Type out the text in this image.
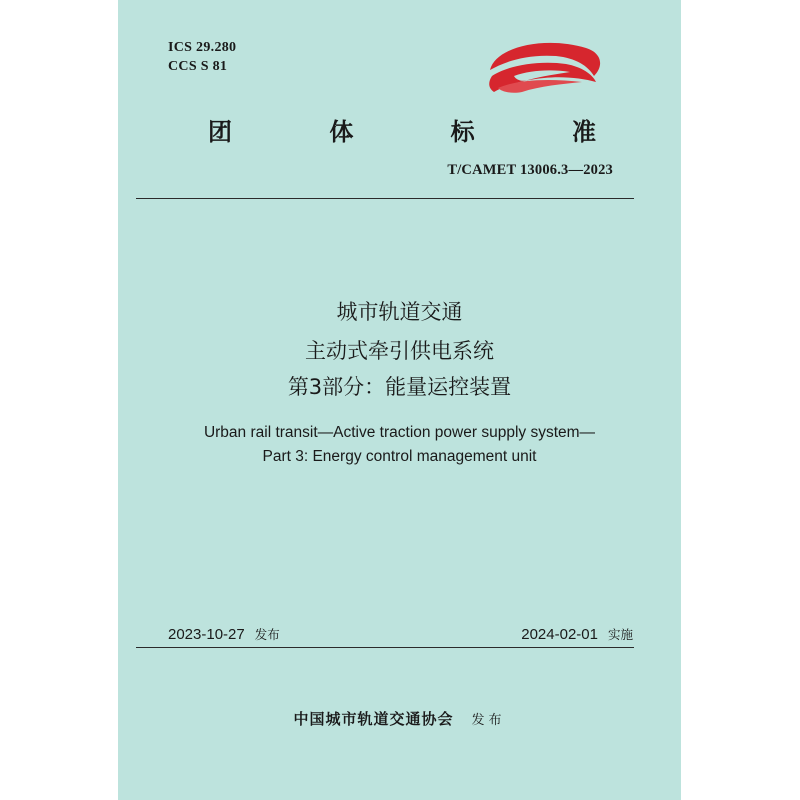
ICS 29.280
CCS S 81
团	体	标	准
T/CAMET 13006.3—2023
城市轨道交通
主动式牵引供电系统
第3部分：能量运控装置
Urban rail transit—Active traction power supply system—
Part 3: Energy control management unit
2023-10-27 发布	2024-02-01 实施
中国城市轨道交通协会 发布
